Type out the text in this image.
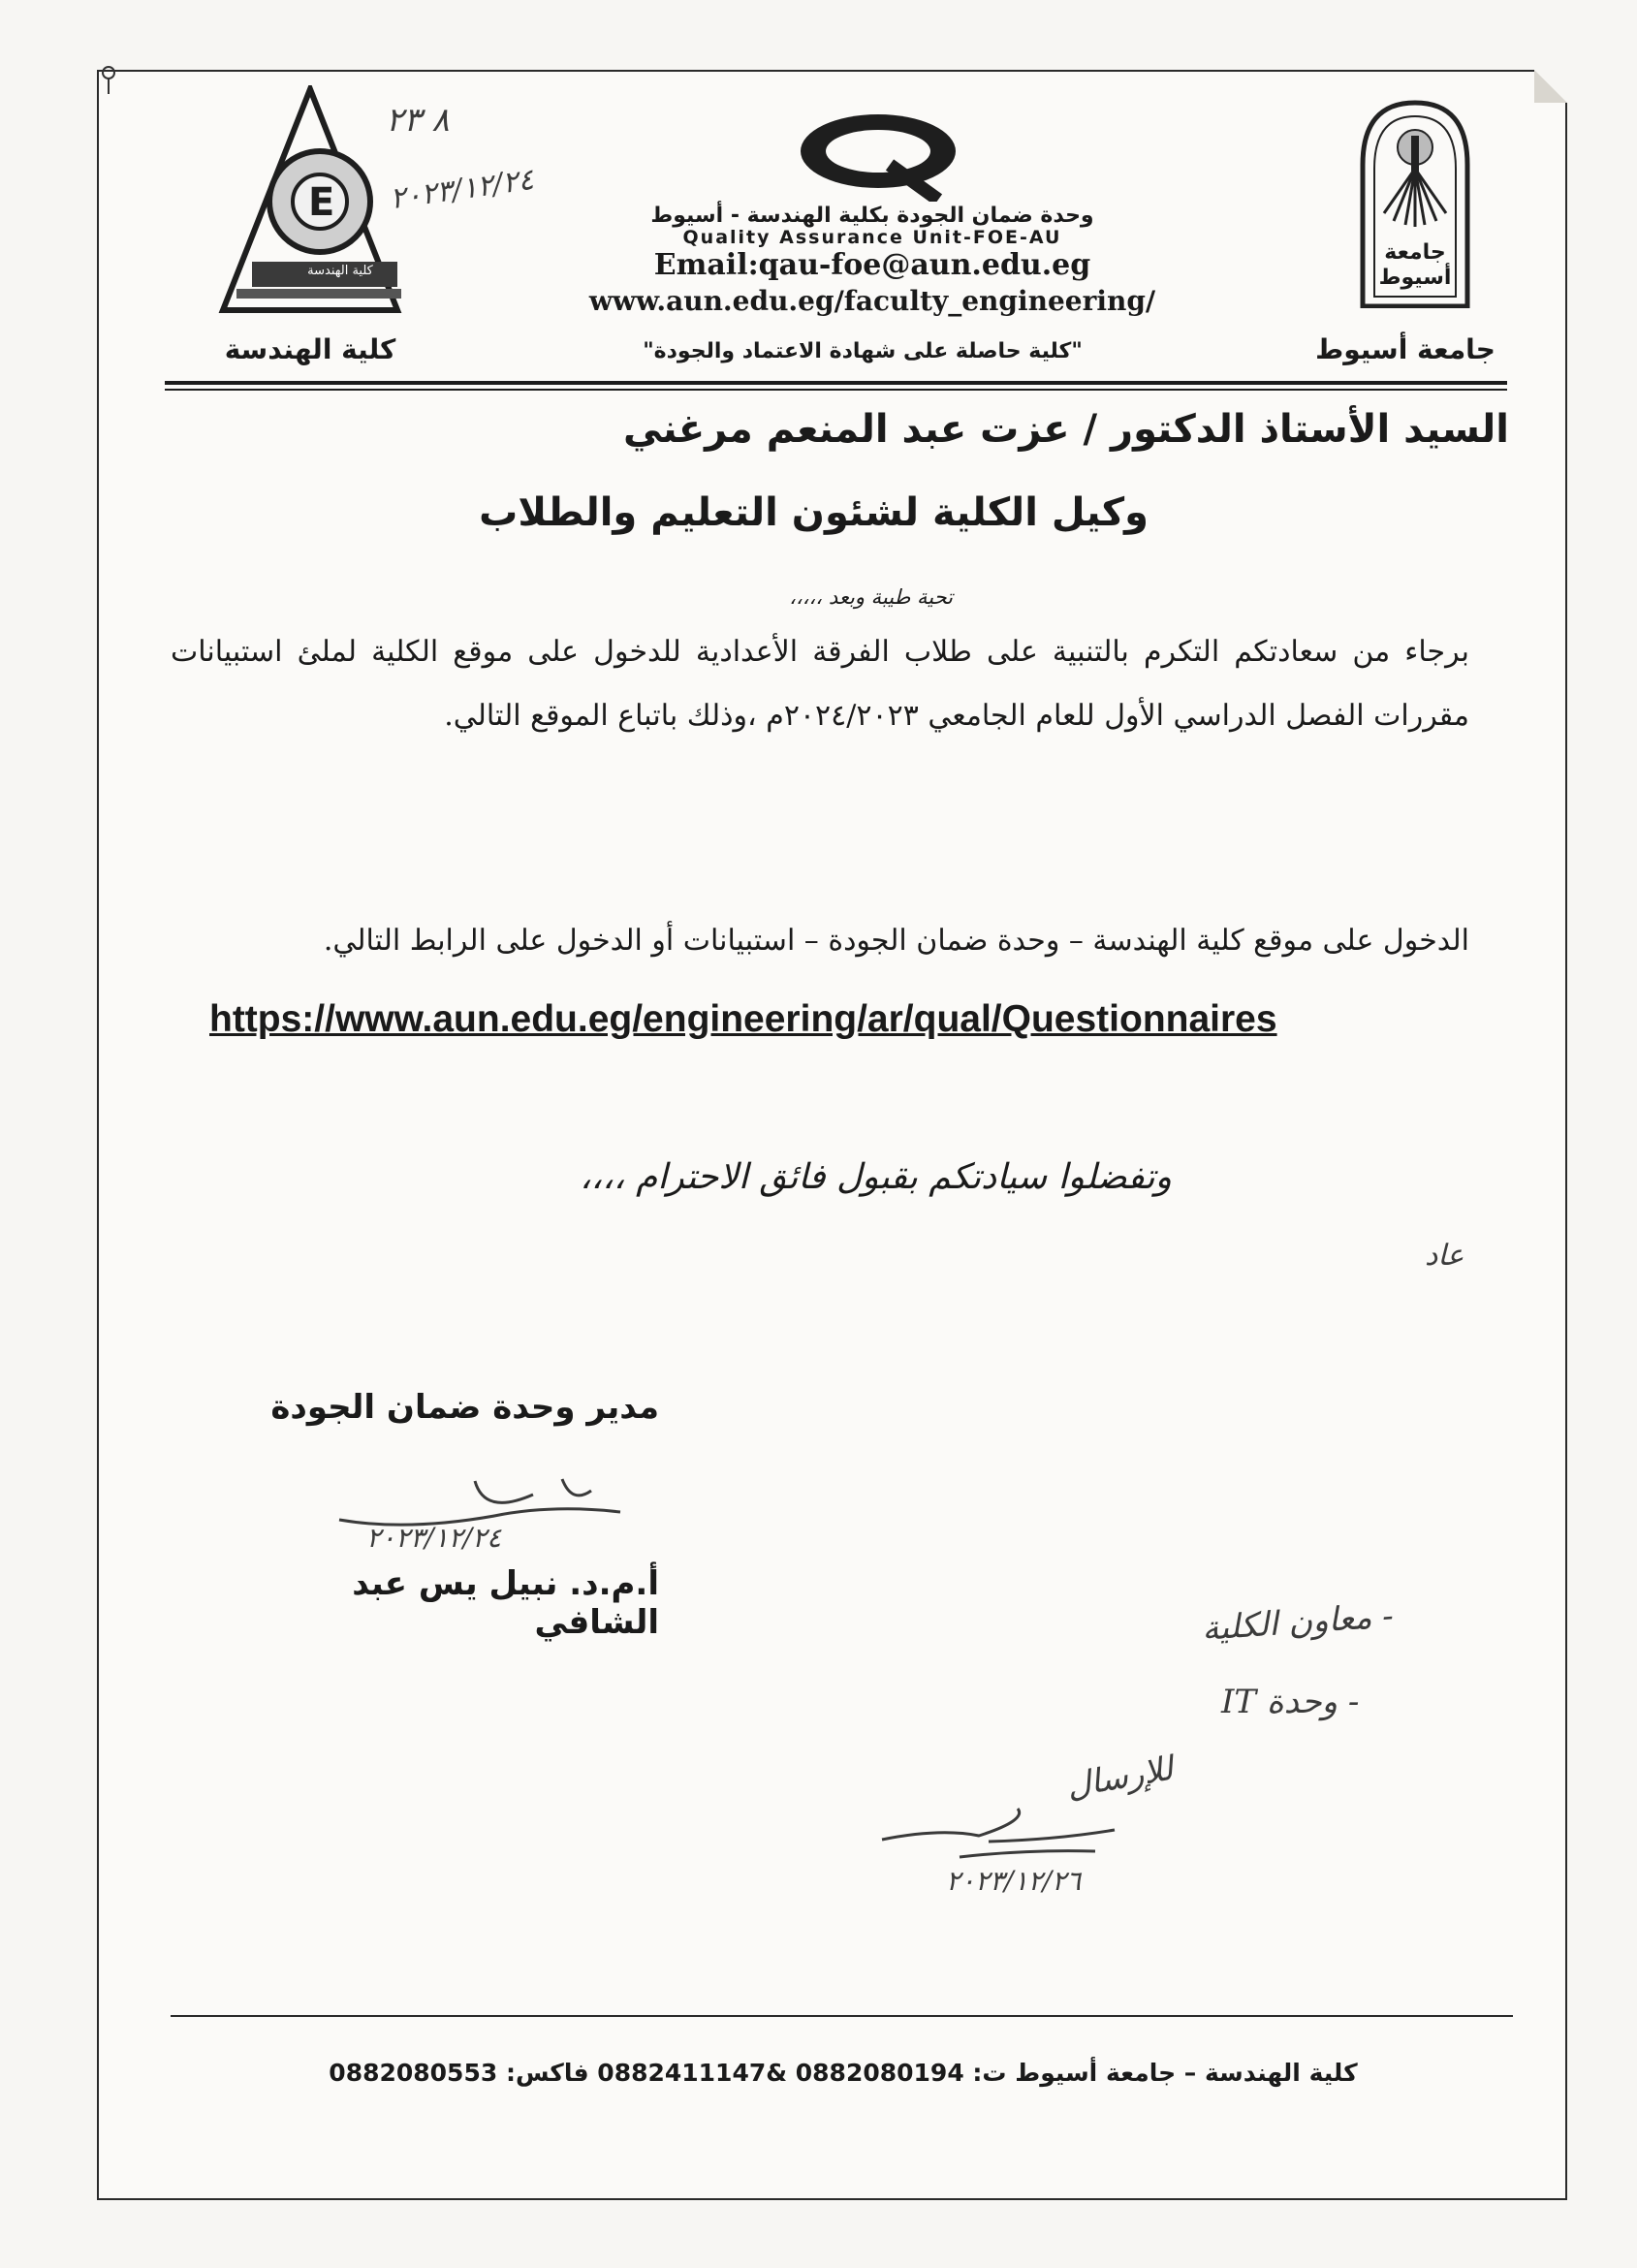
جامعة أسيوط
E
كلية الهندسة
٨ ٢٣
٢٠٢٣/١٢/٢٤	وحدة ضمان الجودة بكلية الهندسة - أسيوط
Quality Assurance Unit-FOE-AU
Email:qau-foe@aun.edu.eg
www.aun.edu.eg/faculty_engineering/
"كلية حاصلة على شهادة الاعتماد والجودة"	جامعة أسيوط
كلية الهندسة
السيد الأستاذ الدكتور / عزت عبد المنعم مرغني
وكيل الكلية لشئون التعليم والطلاب
تحية طيبة وبعد ،،،،،
برجاء من سعادتكم التكرم بالتنبية على طلاب الفرقة الأعدادية للدخول على موقع الكلية لملئ استبيانات مقررات الفصل الدراسي الأول للعام الجامعي ٢٠٢٤/٢٠٢٣م ،وذلك باتباع الموقع التالي.
الدخول على موقع كلية الهندسة – وحدة ضمان الجودة – استبيانات أو الدخول على الرابط التالي.
https://www.aun.edu.eg/engineering/ar/qual/Questionnaires
وتفضلوا سيادتكم بقبول فائق الاحترام ،،،،
عاد
مدير وحدة ضمان الجودة
٢٠٢٣/١٢/٢٤
أ.م.د. نبيل يس عبد الشافي	- معاون الكلية
- وحدة IT
للإرسال
٢٠٢٣/١٢/٢٦
كلية الهندسة – جامعة أسيوط ت: 0882080194 &0882411147 فاكس: 0882080553
